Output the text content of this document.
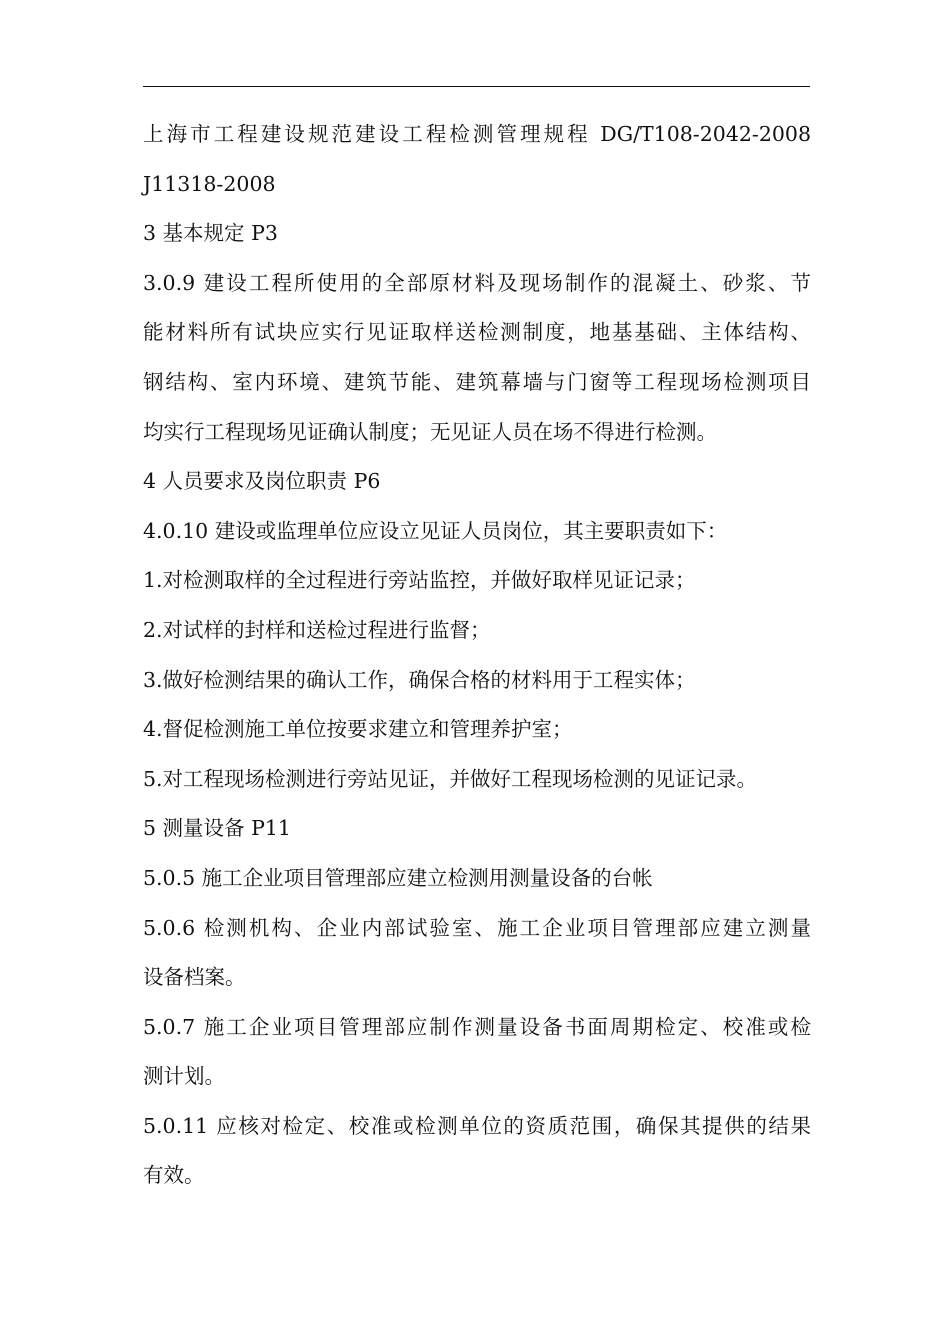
上海市工程建设规范建设工程检测管理规程 DG/T108-2042-2008
J11318-2008
3 基本规定 P3
3.0.9 建设工程所使用的全部原材料及现场制作的混凝土、砂浆、节
能材料所有试块应实行见证取样送检测制度，地基基础、主体结构、
钢结构、室内环境、建筑节能、建筑幕墙与门窗等工程现场检测项目
均实行工程现场见证确认制度；无见证人员在场不得进行检测。
4 人员要求及岗位职责 P6
4.0.10 建设或监理单位应设立见证人员岗位，其主要职责如下：
1.对检测取样的全过程进行旁站监控，并做好取样见证记录；
2.对试样的封样和送检过程进行监督；
3.做好检测结果的确认工作，确保合格的材料用于工程实体；
4.督促检测施工单位按要求建立和管理养护室；
5.对工程现场检测进行旁站见证，并做好工程现场检测的见证记录。
5 测量设备 P11
5.0.5 施工企业项目管理部应建立检测用测量设备的台帐
5.0.6 检测机构、企业内部试验室、施工企业项目管理部应建立测量
设备档案。
5.0.7 施工企业项目管理部应制作测量设备书面周期检定、校准或检
测计划。
5.0.11 应核对检定、校准或检测单位的资质范围，确保其提供的结果
有效。
